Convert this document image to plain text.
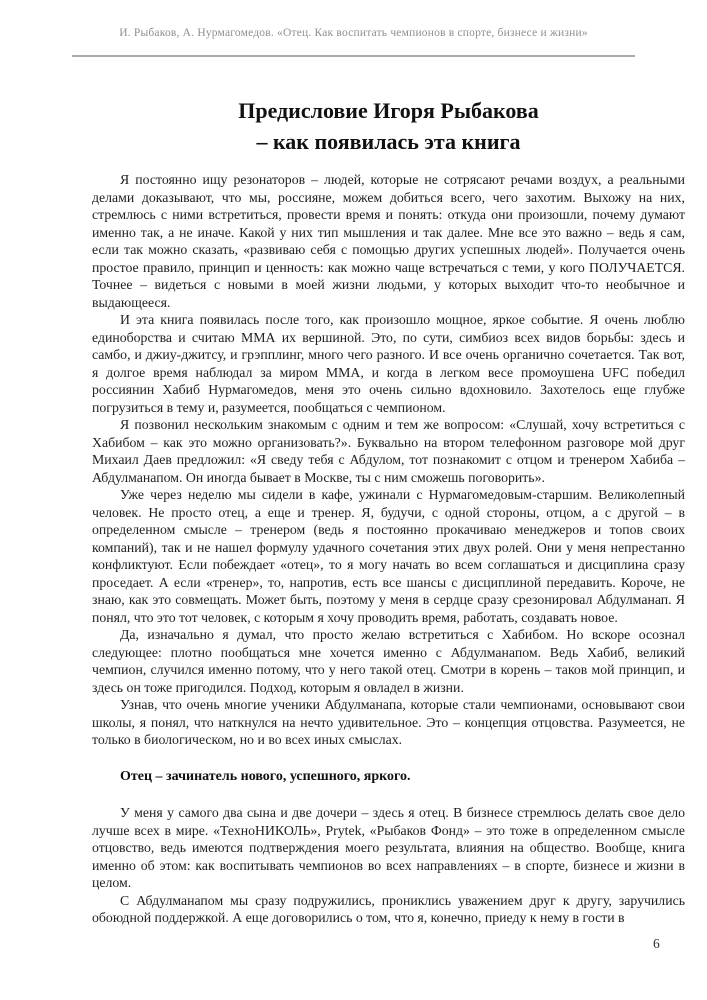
И. Рыбаков, А. Нурмагомедов. «Отец. Как воспитать чемпионов в спорте, бизнесе и жизни»
Предисловие Игоря Рыбакова
– как появилась эта книга

Я постоянно ищу резонаторов – людей, которые не сотрясают речами воздух, а реальными делами доказывают, что мы, россияне, можем добиться всего, чего захотим. Выхожу на них, стремлюсь с ними встретиться, провести время и понять: откуда они произошли, почему думают именно так, а не иначе. Какой у них тип мышления и так далее. Мне все это важно – ведь я сам, если так можно сказать, «развиваю себя с помощью других успешных людей». Получается очень простое правило, принцип и ценность: как можно чаще встречаться с теми, у кого ПОЛУЧАЕТСЯ. Точнее – видеться с новыми в моей жизни людьми, у которых выходит что-то необычное и выдающееся.

И эта книга появилась после того, как произошло мощное, яркое событие. Я очень люблю единоборства и считаю ММА их вершиной. Это, по сути, симбиоз всех видов борьбы: здесь и самбо, и джиу-джитсу, и грэпплинг, много чего разного. И все очень органично сочетается. Так вот, я долгое время наблюдал за миром ММА, и когда в легком весе промоушена UFC победил россиянин Хабиб Нурмагомедов, меня это очень сильно вдохновило. Захотелось еще глубже погрузиться в тему и, разумеется, пообщаться с чемпионом.

Я позвонил нескольким знакомым с одним и тем же вопросом: «Слушай, хочу встретиться с Хабибом – как это можно организовать?». Буквально на втором телефонном разговоре мой друг Михаил Даев предложил: «Я сведу тебя с Абдулом, тот познакомит с отцом и тренером Хабиба – Абдулманапом. Он иногда бывает в Москве, ты с ним сможешь поговорить».

Уже через неделю мы сидели в кафе, ужинали с Нурмагомедовым-старшим. Великолепный человек. Не просто отец, а еще и тренер. Я, будучи, с одной стороны, отцом, а с другой – в определенном смысле – тренером (ведь я постоянно прокачиваю менеджеров и топов своих компаний), так и не нашел формулу удачного сочетания этих двух ролей. Они у меня непрестанно конфликтуют. Если побеждает «отец», то я могу начать во всем соглашаться и дисциплина сразу проседает. А если «тренер», то, напротив, есть все шансы с дисциплиной передавить. Короче, не знаю, как это совмещать. Может быть, поэтому у меня в сердце сразу срезонировал Абдулманап. Я понял, что это тот человек, с которым я хочу проводить время, работать, создавать новое.

Да, изначально я думал, что просто желаю встретиться с Хабибом. Но вскоре осознал следующее: плотно пообщаться мне хочется именно с Абдулманапом. Ведь Хабиб, великий чемпион, случился именно потому, что у него такой отец. Смотри в корень – таков мой принцип, и здесь он тоже пригодился. Подход, которым я овладел в жизни.

Узнав, что очень многие ученики Абдулманапа, которые стали чемпионами, основывают свои школы, я понял, что наткнулся на нечто удивительное. Это – концепция отцовства. Разумеется, не только в биологическом, но и во всех иных смыслах.

Отец – зачинатель нового, успешного, яркого.

У меня у самого два сына и две дочери – здесь я отец. В бизнесе стремлюсь делать свое дело лучше всех в мире. «ТехноНИКОЛЬ», Prytek, «Рыбаков Фонд» – это тоже в определенном смысле отцовство, ведь имеются подтверждения моего результата, влияния на общество. Вообще, книга именно об этом: как воспитывать чемпионов во всех направлениях – в спорте, бизнесе и жизни в целом.

С Абдулманапом мы сразу подружились, прониклись уважением друг к другу, заручились обоюдной поддержкой. А еще договорились о том, что я, конечно, приеду к нему в гости в

6
